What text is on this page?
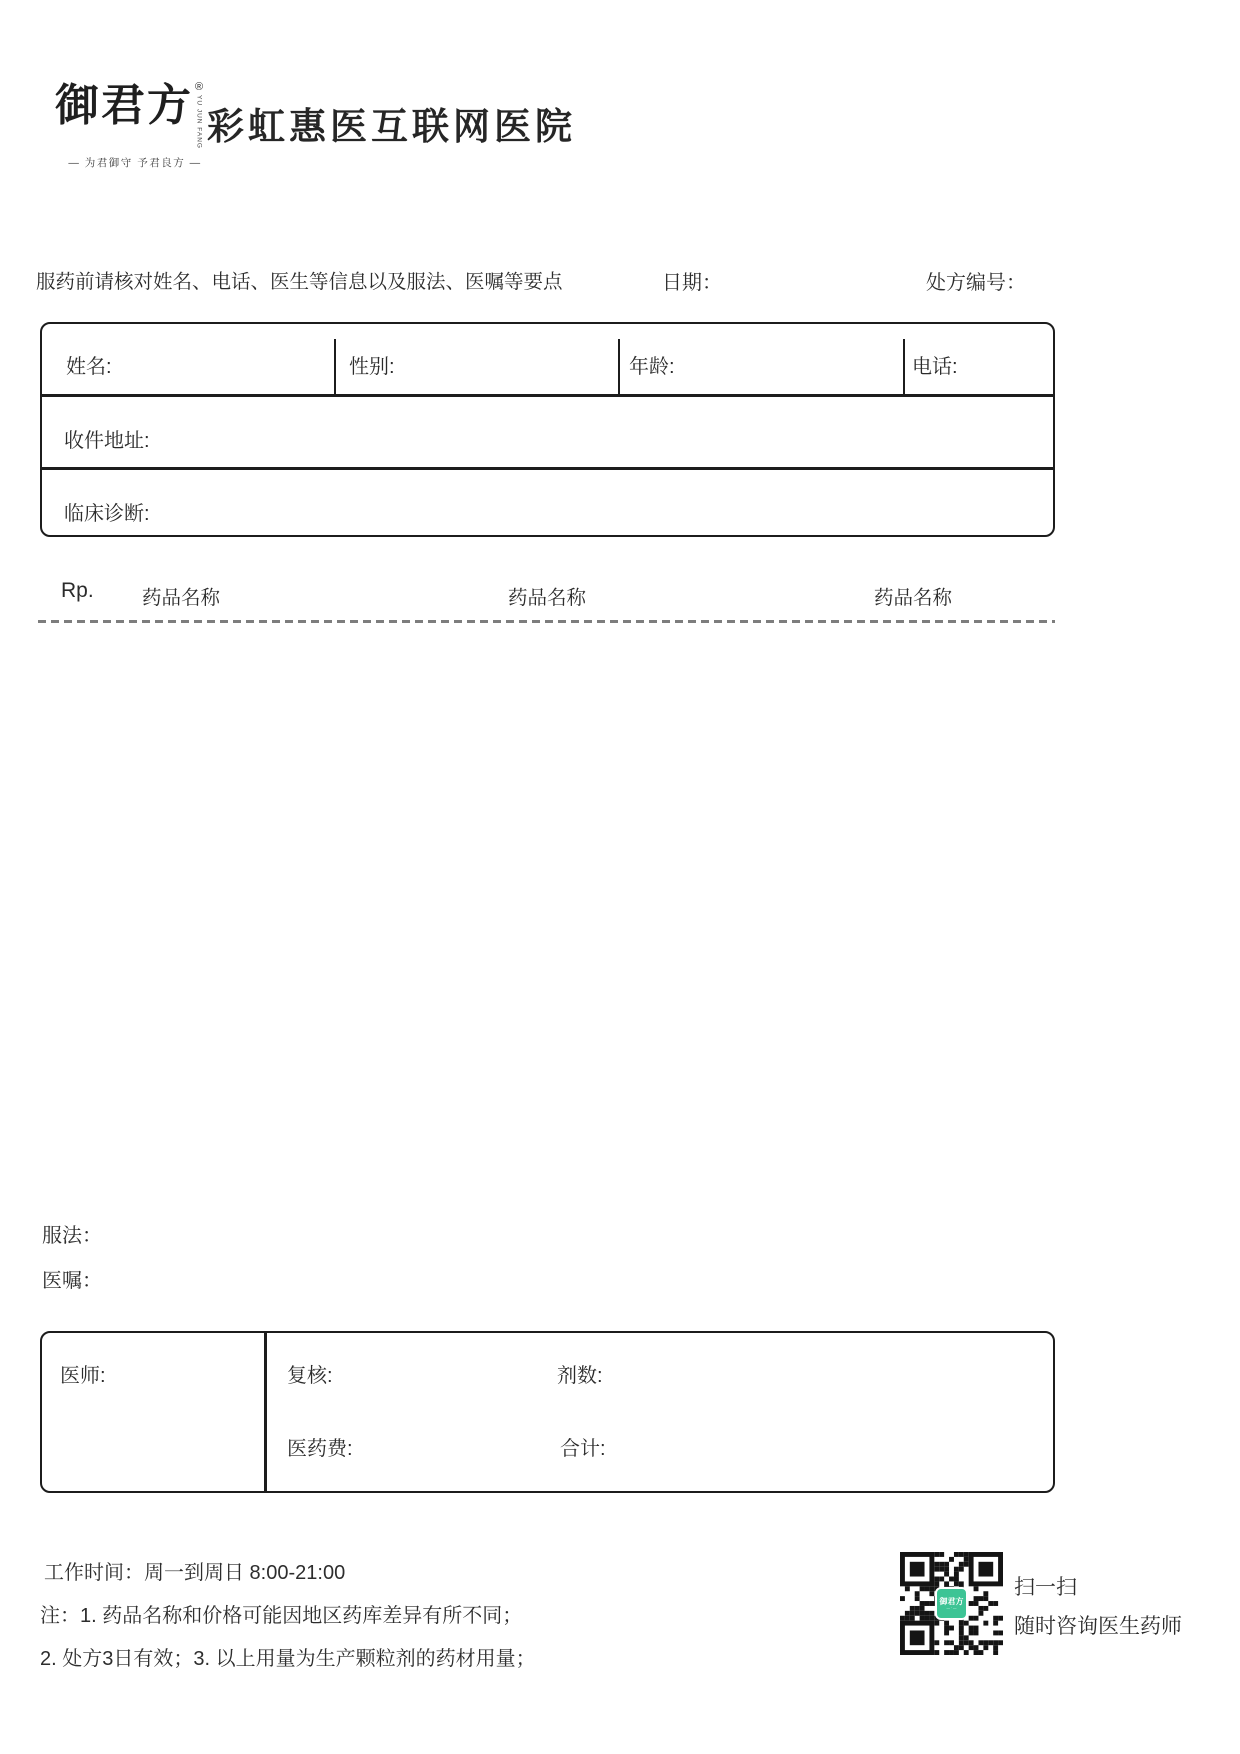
御君方 ®
YU JUN FANG
— 为君御守 予君良方 —
彩虹惠医互联网医院
服药前请核对姓名、电话、医生等信息以及服法、医嘱等要点	日期：	处方编号：
姓名:	性别:	年龄:	电话:
收件地址:
临床诊断:
Rp. 药品名称	药品名称	药品名称
服法：
医嘱：
医师:	复核:	剂数:
医药费:	合计:
工作时间：周一到周日 8:00-21:00
注：1. 药品名称和价格可能因地区药库差异有所不同；
2. 处方3日有效；3. 以上用量为生产颗粒剂的药材用量；
御君方
— · —
扫一扫
随时咨询医生药师
